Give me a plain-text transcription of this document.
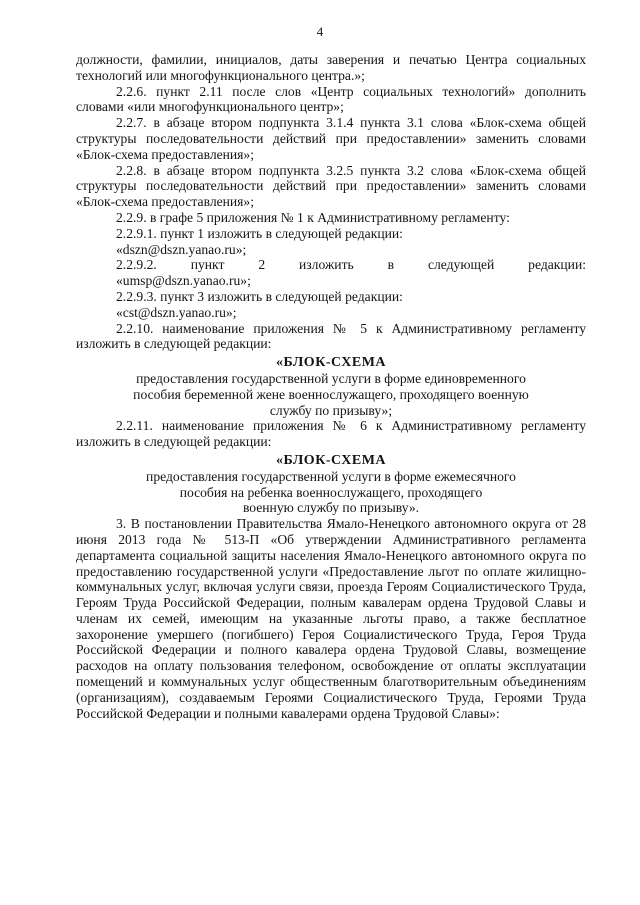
4

должности, фамилии, инициалов, даты заверения и печатью Центра социальных технологий или многофункционального центра.»;

2.2.6. пункт 2.11 после слов «Центр социальных технологий» дополнить словами «или многофункционального центр»;

2.2.7. в абзаце втором подпункта 3.1.4 пункта 3.1 слова «Блок-схема общей структуры последовательности действий при предоставлении» заменить словами «Блок-схема предоставления»;

2.2.8. в абзаце втором подпункта 3.2.5 пункта 3.2 слова «Блок-схема общей структуры последовательности действий при предоставлении» заменить словами «Блок-схема предоставления»;

2.2.9. в графе 5 приложения № 1 к Административному регламенту:

2.2.9.1. пункт 1 изложить в следующей редакции:

«dszn@dszn.yanao.ru»;

2.2.9.2. пункт 2 изложить в следующей редакции:

«umsp@dszn.yanao.ru»;

2.2.9.3. пункт 3 изложить в следующей редакции:

«cst@dszn.yanao.ru»;

2.2.10. наименование приложения № 5 к Административному регламенту изложить в следующей редакции:

«БЛОК-СХЕМА

предоставления государственной услуги в форме единовременного

пособия беременной жене военнослужащего, проходящего военную

службу по призыву»;

2.2.11. наименование приложения № 6 к Административному регламенту изложить в следующей редакции:

«БЛОК-СХЕМА

предоставления государственной услуги в форме ежемесячного

пособия на ребенка военнослужащего, проходящего

военную службу по призыву».

3. В постановлении Правительства Ямало-Ненецкого автономного округа от 28 июня 2013 года № 513-П «Об утверждении Административного регламента департамента социальной защиты населения Ямало-Ненецкого автономного округа по предоставлению государственной услуги «Предоставление льгот по оплате жилищно-коммунальных услуг, включая услуги связи, проезда Героям Социалистического Труда, Героям Труда Российской Федерации, полным кавалерам ордена Трудовой Славы и членам их семей, имеющим на указанные льготы право, а также бесплатное захоронение умершего (погибшего) Героя Социалистического Труда, Героя Труда Российской Федерации и полного кавалера ордена Трудовой Славы, возмещение расходов на оплату пользования телефоном, освобождение от оплаты эксплуатации помещений и коммунальных услуг общественным благотворительным объединениям (организациям), создаваемым Героями Социалистического Труда, Героями Труда Российской Федерации и полными кавалерами ордена Трудовой Славы»:
